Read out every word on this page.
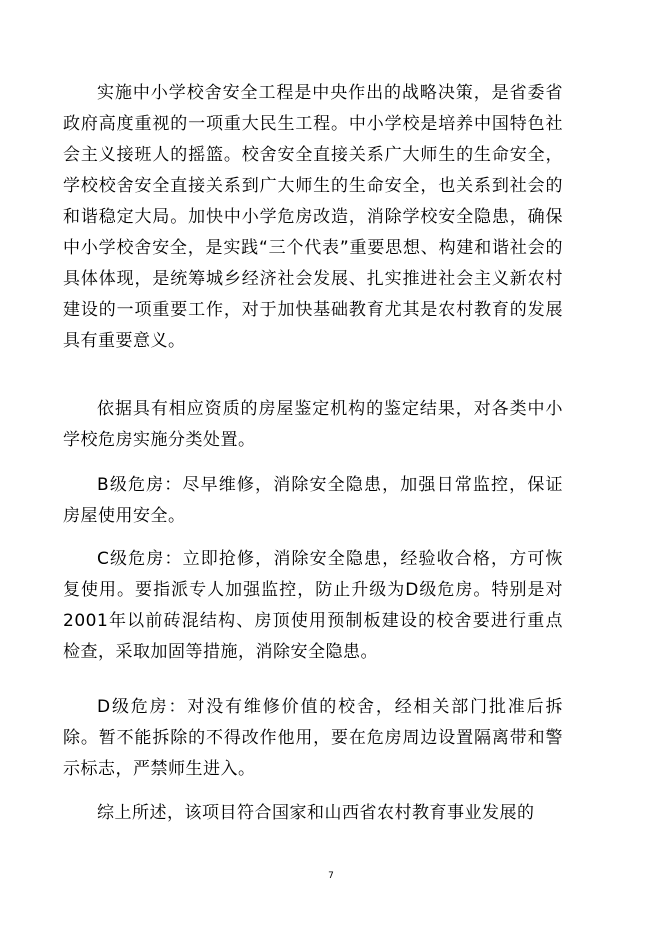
实施中小学校舍安全工程是中央作出的战略决策，是省委省政府高度重视的一项重大民生工程。中小学校是培养中国特色社会主义接班人的摇篮。校舍安全直接关系广大师生的生命安全，学校校舍安全直接关系到广大师生的生命安全，也关系到社会的和谐稳定大局。加快中小学危房改造，消除学校安全隐患，确保中小学校舍安全，是实践“三个代表”重要思想、构建和谐社会的具体体现，是统筹城乡经济社会发展、扎实推进社会主义新农村建设的一项重要工作，对于加快基础教育尤其是农村教育的发展具有重要意义。

依据具有相应资质的房屋鉴定机构的鉴定结果，对各类中小学校危房实施分类处置。

B级危房：尽早维修，消除安全隐患，加强日常监控，保证房屋使用安全。

C级危房：立即抢修，消除安全隐患，经验收合格，方可恢复使用。要指派专人加强监控，防止升级为D级危房。特别是对2001年以前砖混结构、房顶使用预制板建设的校舍要进行重点检查，采取加固等措施，消除安全隐患。

D级危房：对没有维修价值的校舍，经相关部门批准后拆除。暂不能拆除的不得改作他用，要在危房周边设置隔离带和警示标志，严禁师生进入。

综上所述，该项目符合国家和山西省农村教育事业发展的

7
